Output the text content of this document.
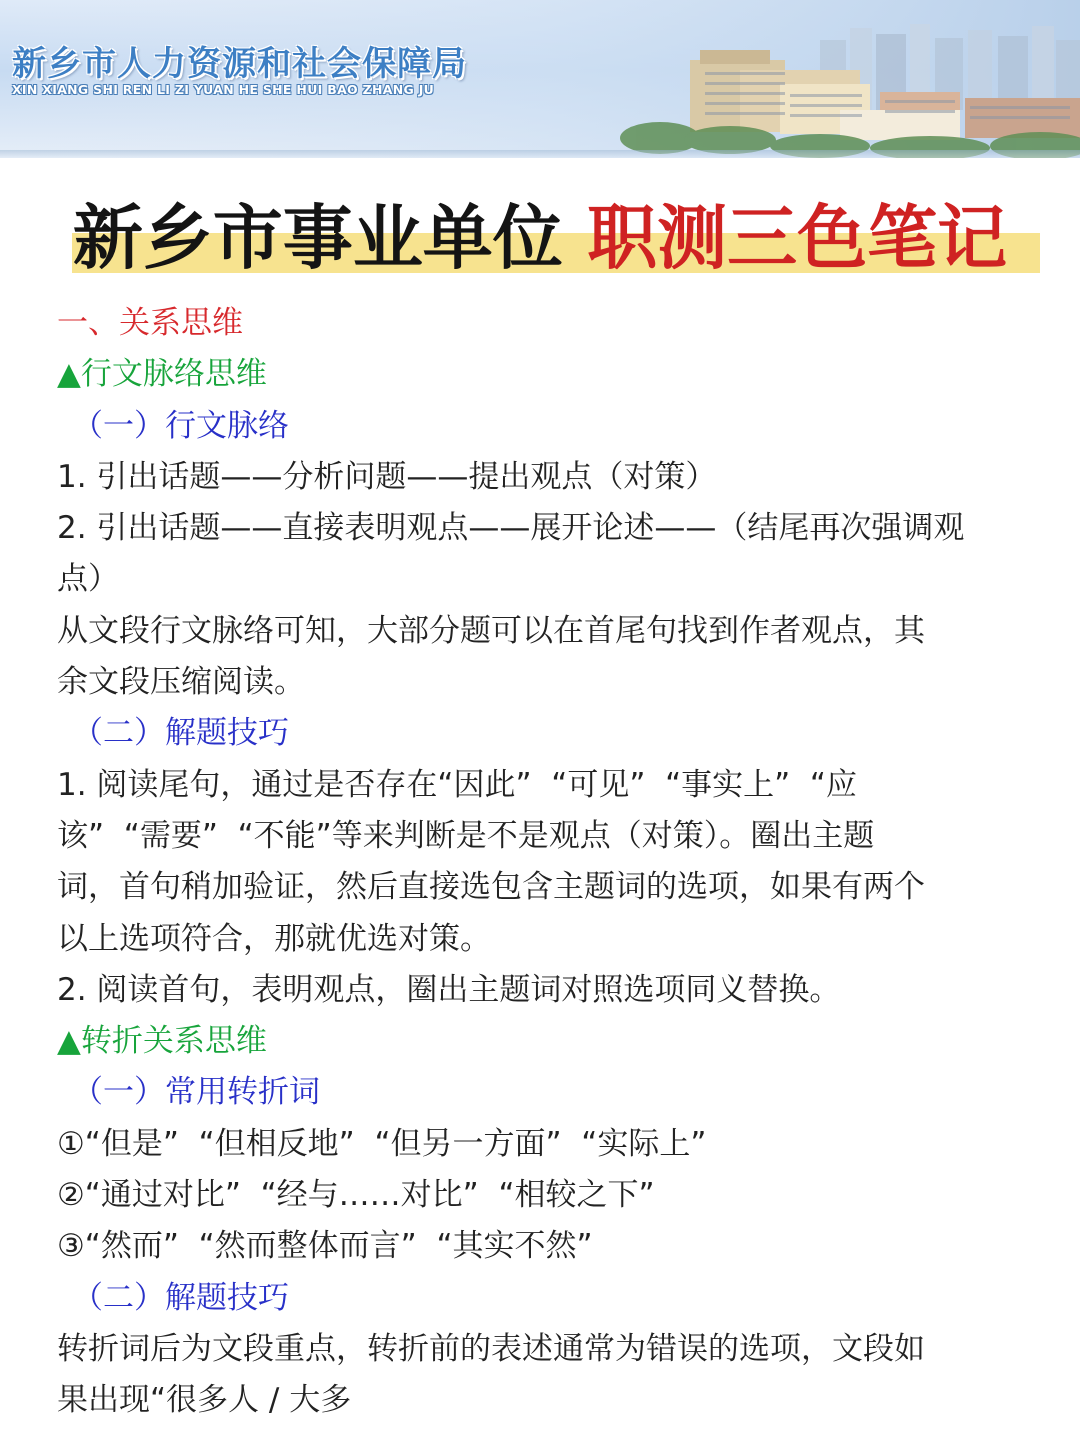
新乡市人力资源和社会保障局

XIN XIANG SHI REN LI ZI YUAN HE SHE HUI BAO ZHANG JU

新乡市事业单位 职测三色笔记

一、关系思维

▲行文脉络思维

（一）行文脉络

1. 引出话题——分析问题——提出观点（对策）

2. 引出话题——直接表明观点——展开论述——（结尾再次强调观

点）

从文段行文脉络可知，大部分题可以在首尾句找到作者观点，其

余文段压缩阅读。

（二）解题技巧

1. 阅读尾句，通过是否存在“因此”  “可见”  “事实上”  “应

该”  “需要”  “不能”等来判断是不是观点（对策）。圈出主题

词，首句稍加验证，然后直接选包含主题词的选项，如果有两个

以上选项符合，那就优选对策。

2. 阅读首句，表明观点，圈出主题词对照选项同义替换。

▲转折关系思维

（一）常用转折词

①“但是”  “但相反地”  “但另一方面”  “实际上”

②“通过对比”  “经与……对比”  “相较之下”

③“然而”  “然而整体而言”  “其实不然”

（二）解题技巧

转折词后为文段重点，转折前的表述通常为错误的选项，文段如

果出现“很多人 / 大多
